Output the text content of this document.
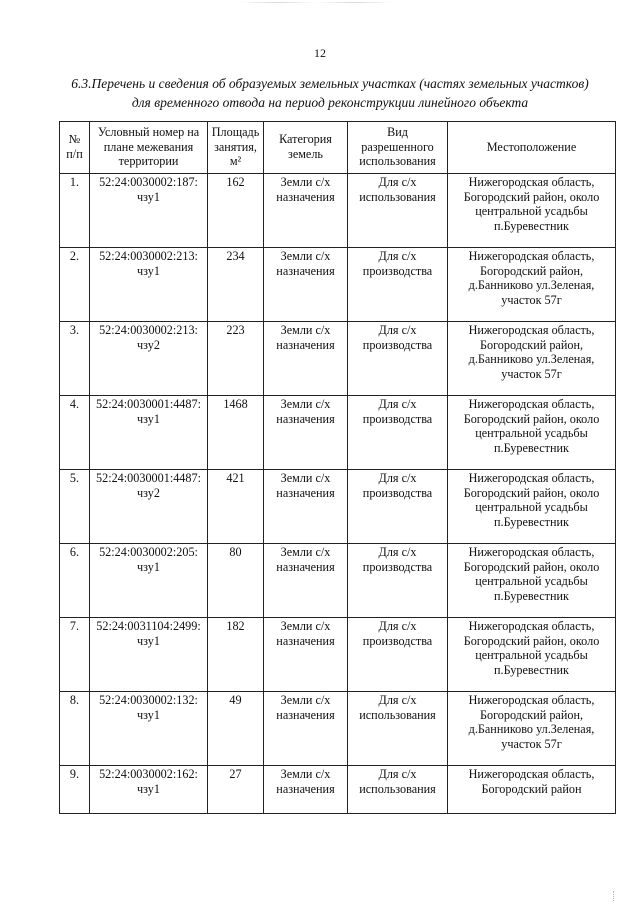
12
6.3.Перечень и сведения об образуемых земельных участках (частях земельных участков)
для временного отвода на период реконструкции линейного объекта
№ п/п	Условный номер на плане межевания территории	Площадь занятия, м²	Категория земель	Вид разрешенного использования	Местоположение
1.	52:24:0030002:187: чзу1	162	Земли с/х назначения	Для с/х использования	Нижегородская область, Богородский район, около центральной усадьбы п.Буревестник
2.	52:24:0030002:213: чзу1	234	Земли с/х назначения	Для с/х производства	Нижегородская область, Богородский район, д.Банниково ул.Зеленая, участок 57г
3.	52:24:0030002:213: чзу2	223	Земли с/х назначения	Для с/х производства	Нижегородская область, Богородский район, д.Банниково ул.Зеленая, участок 57г
4.	52:24:0030001:4487: чзу1	1468	Земли с/х назначения	Для с/х производства	Нижегородская область, Богородский район, около центральной усадьбы п.Буревестник
5.	52:24:0030001:4487: чзу2	421	Земли с/х назначения	Для с/х производства	Нижегородская область, Богородский район, около центральной усадьбы п.Буревестник
6.	52:24:0030002:205: чзу1	80	Земли с/х назначения	Для с/х производства	Нижегородская область, Богородский район, около центральной усадьбы п.Буревестник
7.	52:24:0031104:2499: чзу1	182	Земли с/х назначения	Для с/х производства	Нижегородская область, Богородский район, около центральной усадьбы п.Буревестник
8.	52:24:0030002:132: чзу1	49	Земли с/х назначения	Для с/х использования	Нижегородская область, Богородский район, д.Банниково ул.Зеленая, участок 57г
9.	52:24:0030002:162: чзу1	27	Земли с/х назначения	Для с/х использования	Нижегородская область, Богородский район
